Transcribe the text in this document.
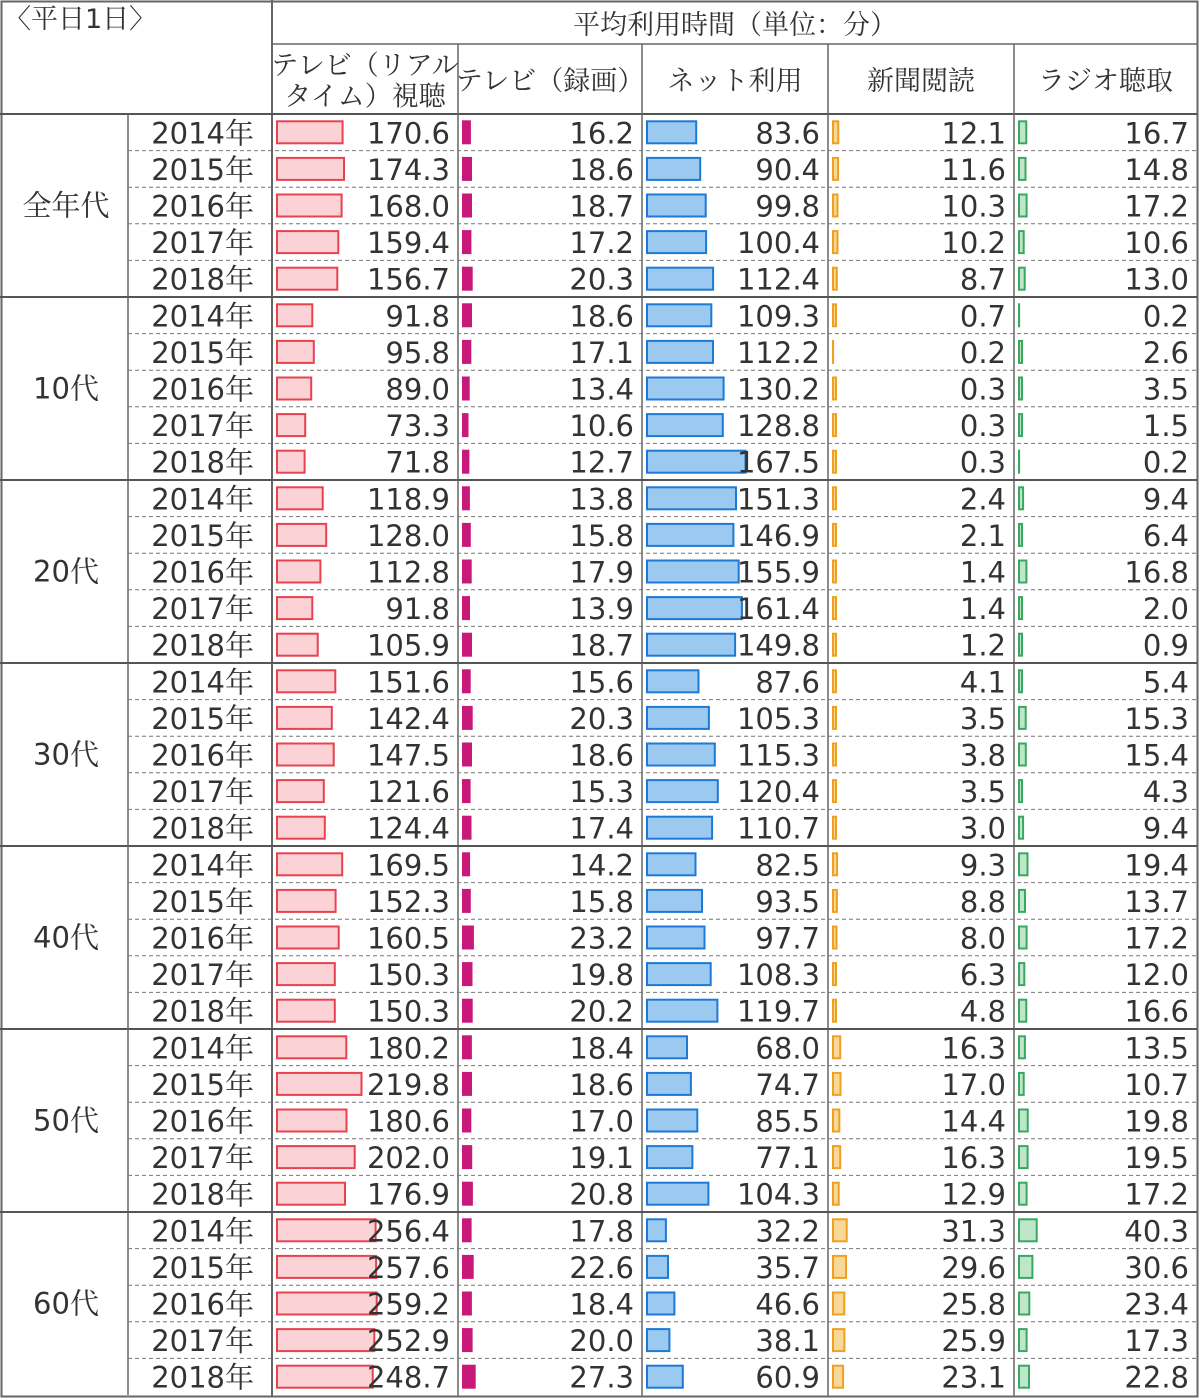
〈平日1日〉	平均利用時間（単位：分）
テレビ（リアル
タイム）視聴 テレビ（録画） ネット利用 新聞閲読 ラジオ聴取
全年代
2014年	170.6	16.2	83.6	12.1	16.7
2015年	174.3	18.6	90.4	11.6	14.8
2016年	168.0	18.7	99.8	10.3	17.2
2017年	159.4	17.2	100.4	10.2	10.6
2018年	156.7	20.3	112.4	8.7	13.0
10代
2014年	91.8	18.6	109.3	0.7	0.2
2015年	95.8	17.1	112.2	0.2	2.6
2016年	89.0	13.4	130.2	0.3	3.5
2017年	73.3	10.6	128.8	0.3	1.5
2018年	71.8	12.7	167.5	0.3	0.2
20代
2014年	118.9	13.8	151.3	2.4	9.4
2015年	128.0	15.8	146.9	2.1	6.4
2016年	112.8	17.9	155.9	1.4	16.8
2017年	91.8	13.9	161.4	1.4	2.0
2018年	105.9	18.7	149.8	1.2	0.9
30代
2014年	151.6	15.6	87.6	4.1	5.4
2015年	142.4	20.3	105.3	3.5	15.3
2016年	147.5	18.6	115.3	3.8	15.4
2017年	121.6	15.3	120.4	3.5	4.3
2018年	124.4	17.4	110.7	3.0	9.4
40代
2014年	169.5	14.2	82.5	9.3	19.4
2015年	152.3	15.8	93.5	8.8	13.7
2016年	160.5	23.2	97.7	8.0	17.2
2017年	150.3	19.8	108.3	6.3	12.0
2018年	150.3	20.2	119.7	4.8	16.6
50代
2014年	180.2	18.4	68.0	16.3	13.5
2015年	219.8	18.6	74.7	17.0	10.7
2016年	180.6	17.0	85.5	14.4	19.8
2017年	202.0	19.1	77.1	16.3	19.5
2018年	176.9	20.8	104.3	12.9	17.2
60代
2014年	256.4	17.8	32.2	31.3	40.3
2015年	257.6	22.6	35.7	29.6	30.6
2016年	259.2	18.4	46.6	25.8	23.4
2017年	252.9	20.0	38.1	25.9	17.3
2018年	248.7	27.3	60.9	23.1	22.8
